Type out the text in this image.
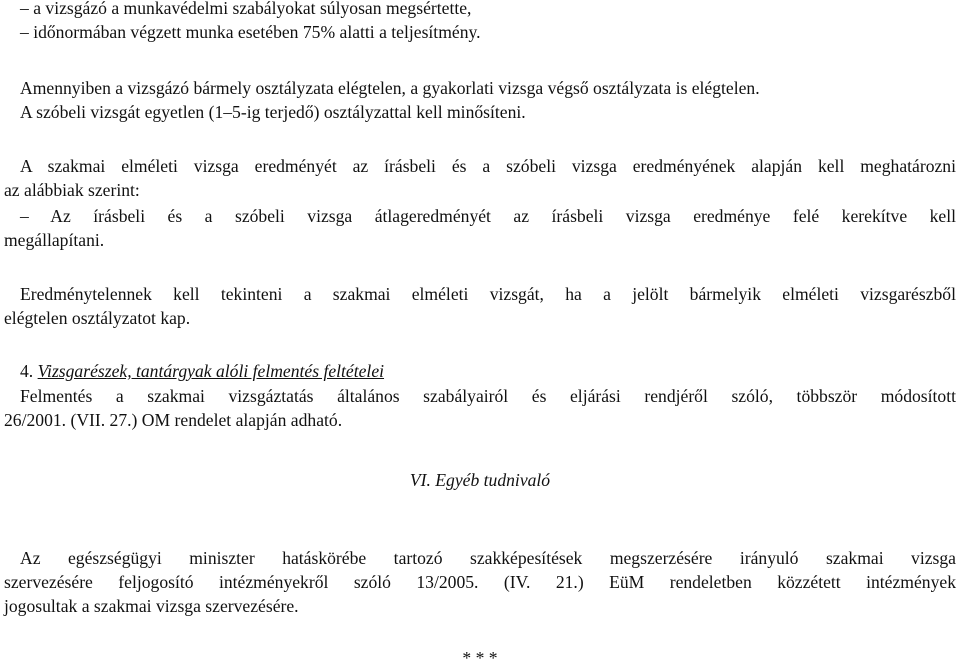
– a vizsgázó a munkavédelmi szabályokat súlyosan megsértette,
– időnormában végzett munka esetében 75% alatti a teljesítmény.
Amennyiben a vizsgázó bármely osztályzata elégtelen, a gyakorlati vizsga végső osztályzata is elégtelen.
A szóbeli vizsgát egyetlen (1–5-ig terjedő) osztályzattal kell minősíteni.
A szakmai elméleti vizsga eredményét az írásbeli és a szóbeli vizsga eredményének alapján kell meghatározni
az alábbiak szerint:
– Az írásbeli és a szóbeli vizsga átlageredményét az írásbeli vizsga eredménye felé kerekítve kell
megállapítani.
Eredménytelennek kell tekinteni a szakmai elméleti vizsgát, ha a jelölt bármelyik elméleti vizsgarészből
elégtelen osztályzatot kap.
4. Vizsgarészek, tantárgyak alóli felmentés feltételei
Felmentés a szakmai vizsgáztatás általános szabályairól és eljárási rendjéről szóló, többször módosított
26/2001. (VII. 27.) OM rendelet alapján adható.
VI. Egyéb tudnivaló
Az egészségügyi miniszter hatáskörébe tartozó szakképesítések megszerzésére irányuló szakmai vizsga
szervezésére feljogosító intézményekről szóló 13/2005. (IV. 21.) EüM rendeletben közzétett intézmények
jogosultak a szakmai vizsga szervezésére.
* * *
